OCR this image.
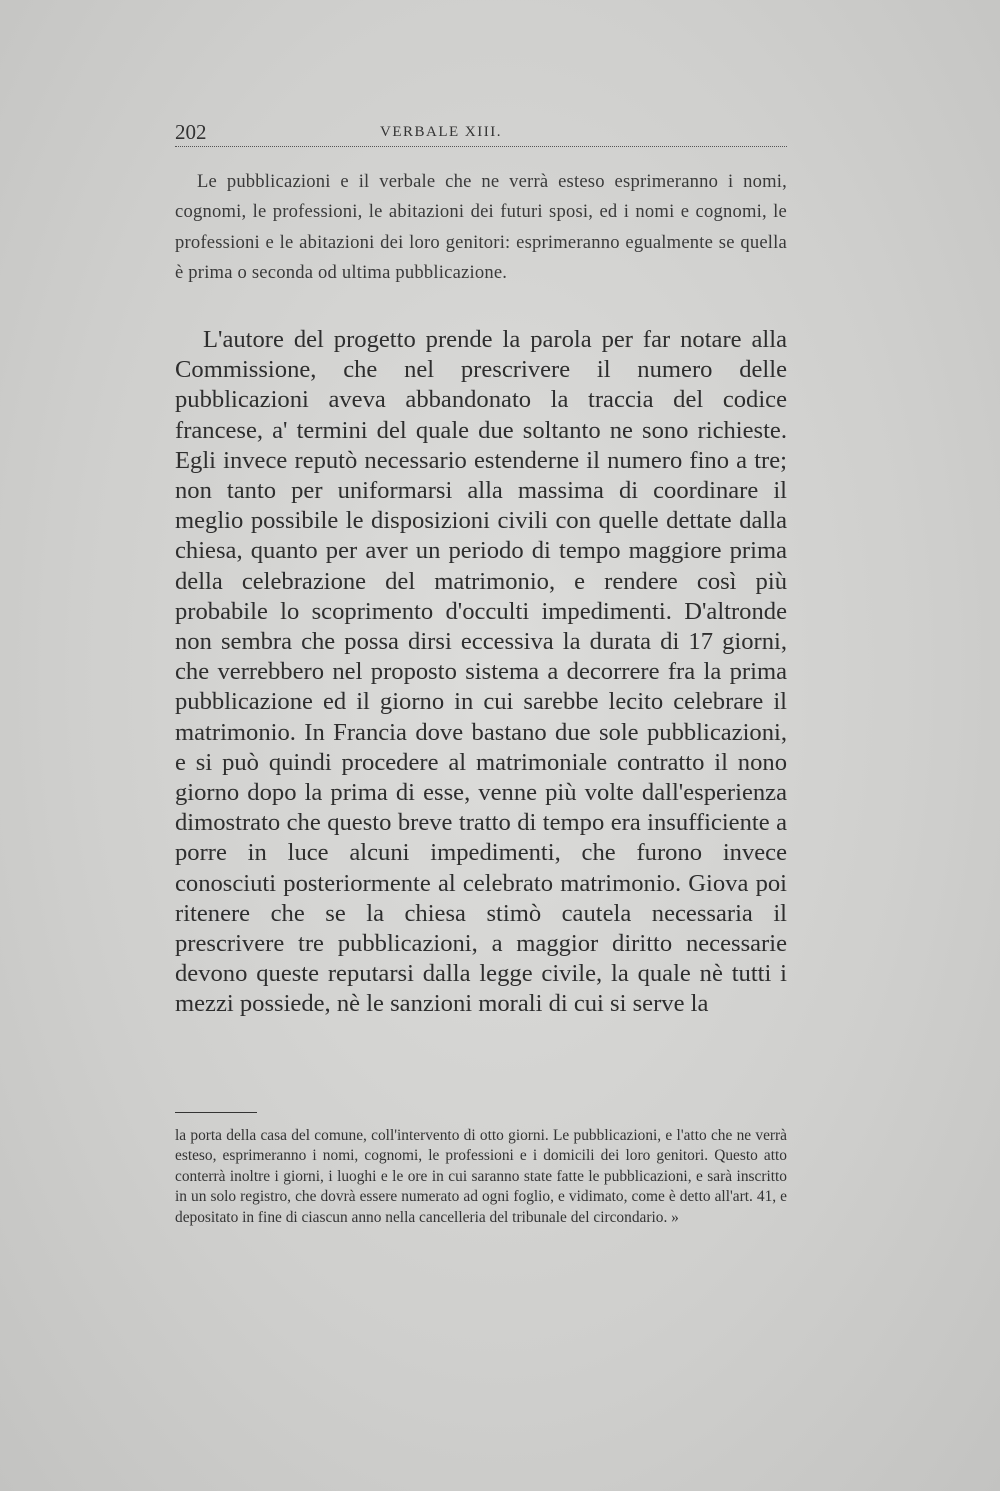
202	VERBALE XIII.

Le pubblicazioni e il verbale che ne verrà esteso esprimeranno i nomi, cognomi, le professioni, le abitazioni dei futuri sposi, ed i nomi e cognomi, le professioni e le abitazioni dei loro genitori: esprimeranno egualmente se quella è prima o seconda od ultima pubblicazione.

L'autore del progetto prende la parola per far notare alla Commissione, che nel prescrivere il numero delle pubblicazioni aveva abbandonato la traccia del codice francese, a' termini del quale due soltanto ne sono richieste. Egli invece reputò necessario estenderne il numero fino a tre; non tanto per uniformarsi alla massima di coordinare il meglio possibile le disposizioni civili con quelle dettate dalla chiesa, quanto per aver un periodo di tempo maggiore prima della celebrazione del matrimonio, e rendere così più probabile lo scoprimento d'occulti impedimenti. D'altronde non sembra che possa dirsi eccessiva la durata di 17 giorni, che verrebbero nel proposto sistema a decorrere fra la prima pubblicazione ed il giorno in cui sarebbe lecito celebrare il matrimonio. In Francia dove bastano due sole pubblicazioni, e si può quindi procedere al matrimoniale contratto il nono giorno dopo la prima di esse, venne più volte dall'esperienza dimostrato che questo breve tratto di tempo era insufficiente a porre in luce alcuni impedimenti, che furono invece conosciuti posteriormente al celebrato matrimonio. Giova poi ritenere che se la chiesa stimò cautela necessaria il prescrivere tre pubblicazioni, a maggior diritto necessarie devono queste reputarsi dalla legge civile, la quale nè tutti i mezzi possiede, nè le sanzioni morali di cui si serve la

la porta della casa del comune, coll'intervento di otto giorni. Le pubblicazioni, e l'atto che ne verrà esteso, esprimeranno i nomi, cognomi, le professioni e i domicili dei loro genitori. Questo atto conterrà inoltre i giorni, i luoghi e le ore in cui saranno state fatte le pubblicazioni, e sarà inscritto in un solo registro, che dovrà essere numerato ad ogni foglio, e vidimato, come è detto all'art. 41, e depositato in fine di ciascun anno nella cancelleria del tribunale del circondario. »
